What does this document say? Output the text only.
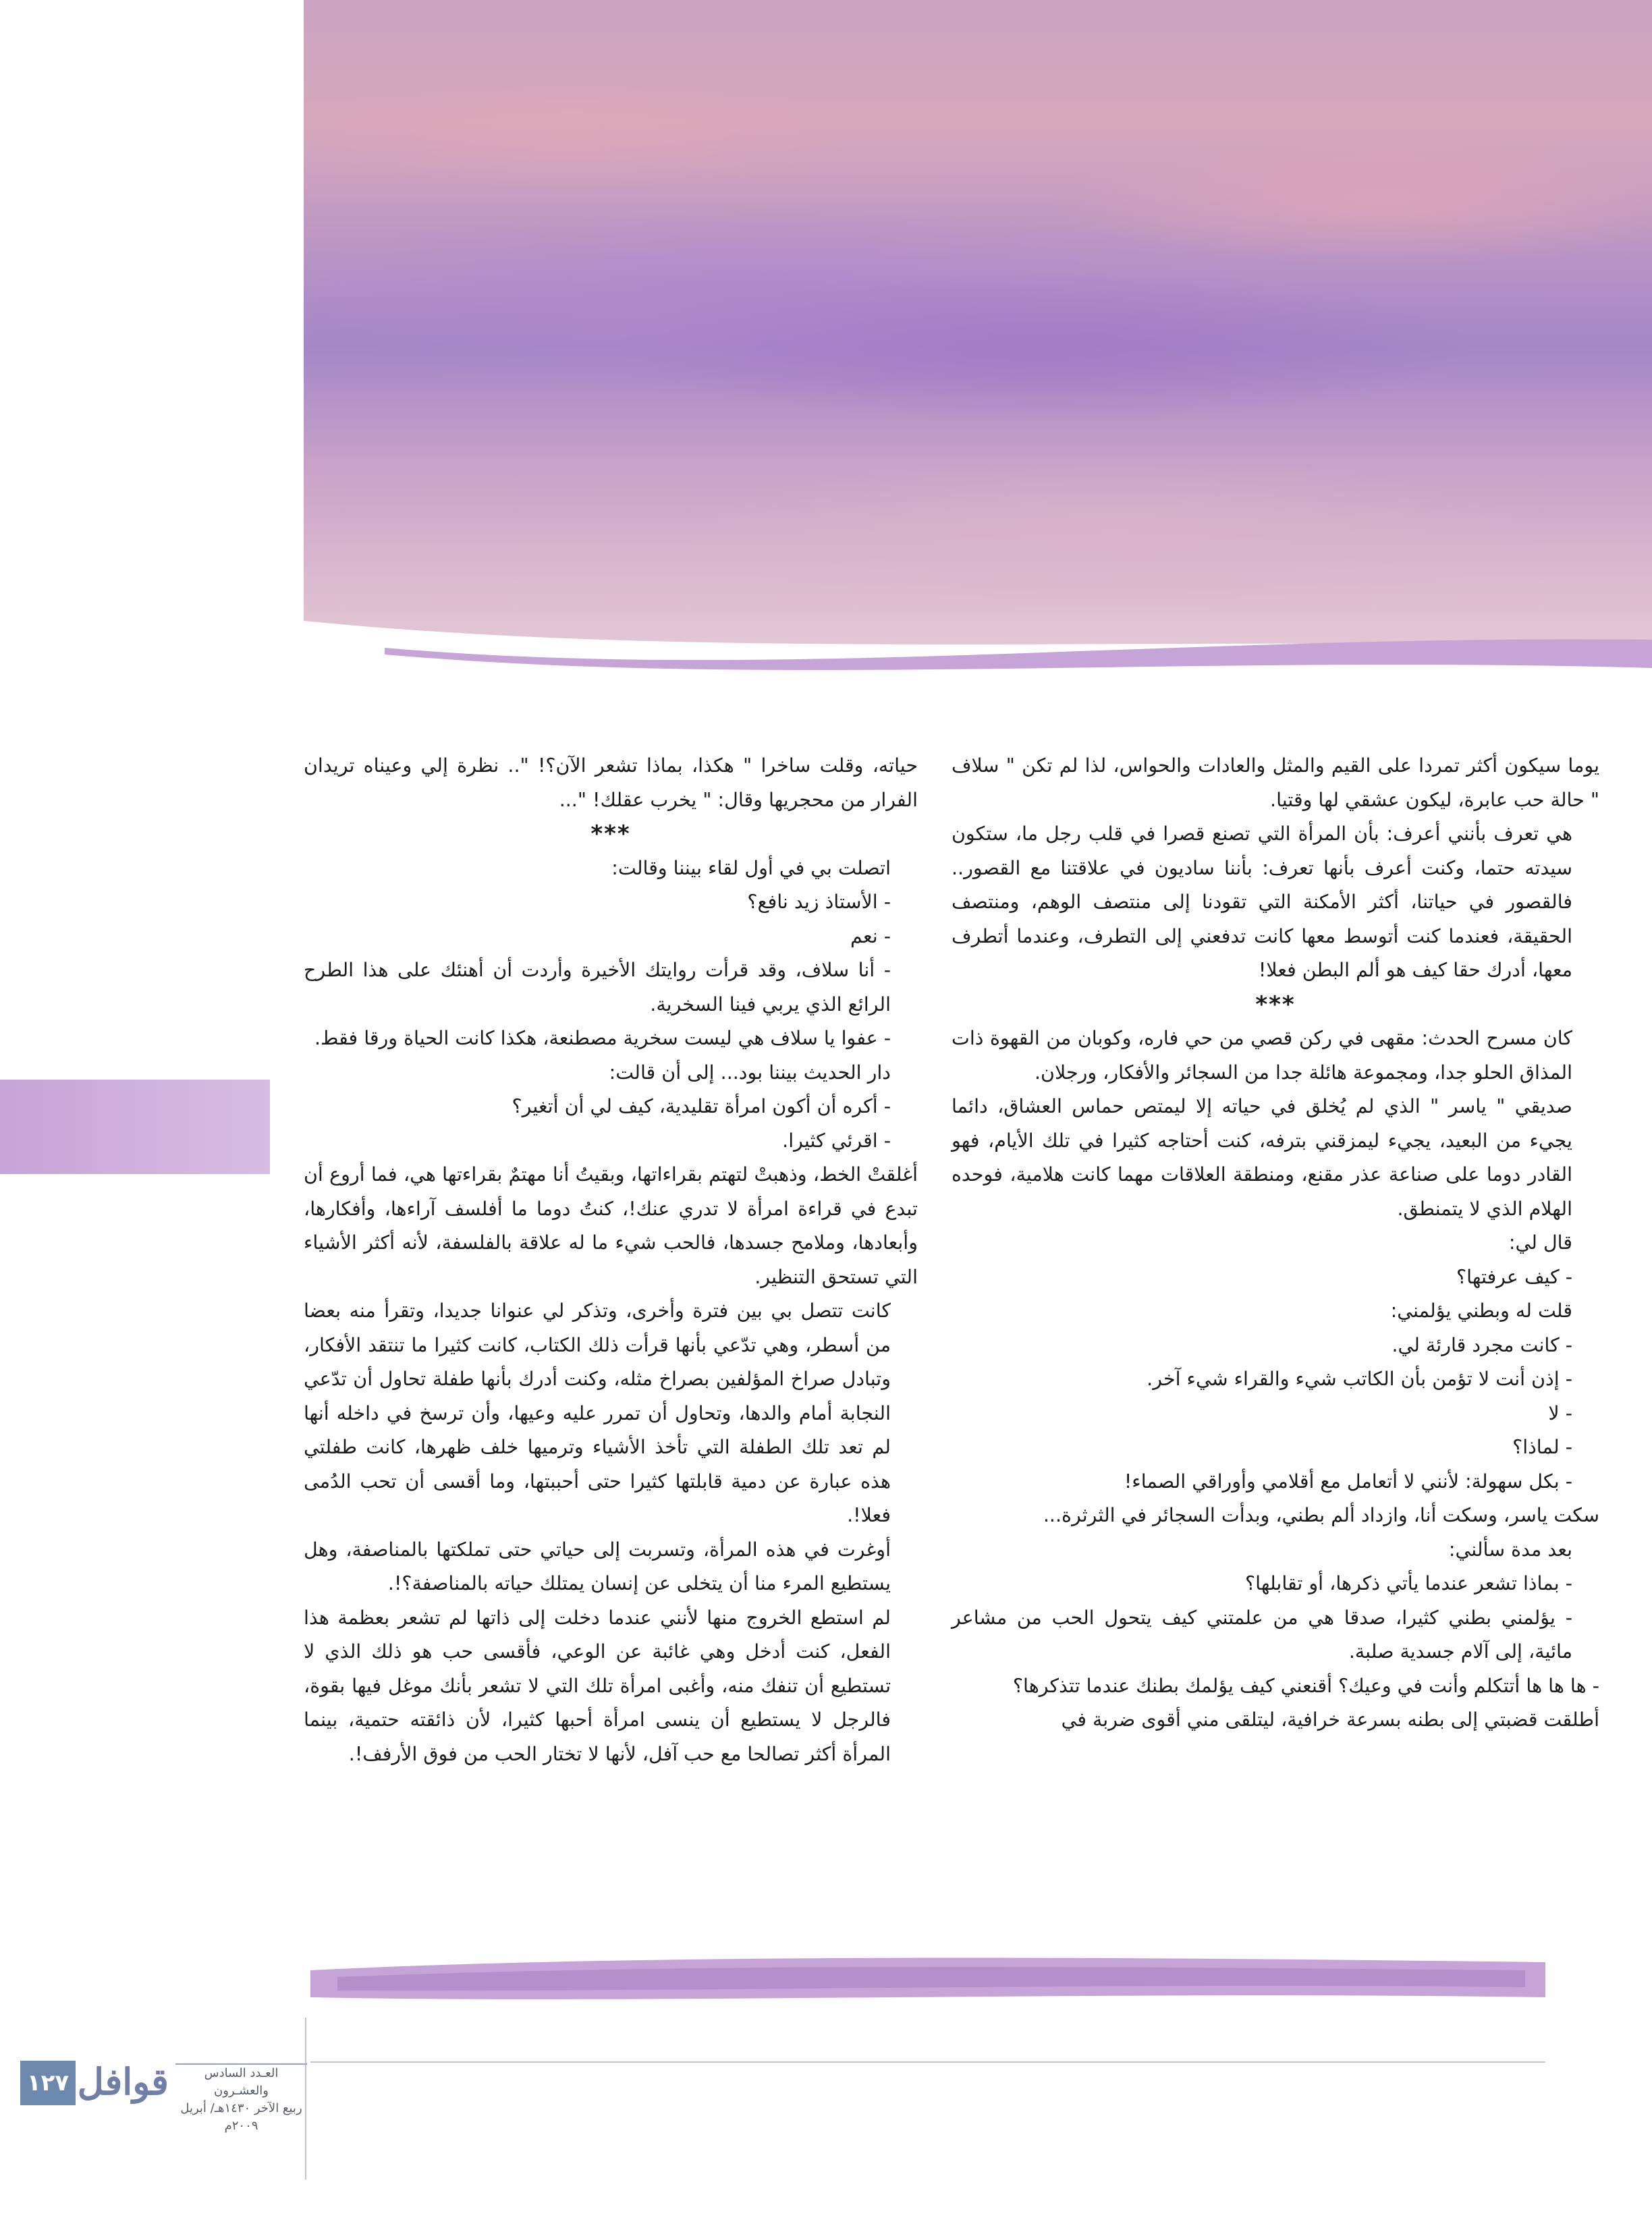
يوما سيكون أكثر تمردا على القيم والمثل والعادات والحواس، لذا لم تكن " سلاف " حالة حب عابرة، ليكون عشقي لها وقتيا.

هي تعرف بأنني أعرف: بأن المرأة التي تصنع قصرا في قلب رجل ما، ستكون سيدته حتما، وكنت أعرف بأنها تعرف: بأننا ساديون في علاقتنا مع القصور.. فالقصور في حياتنا، أكثر الأمكنة التي تقودنا إلى منتصف الوهم، ومنتصف الحقيقة، فعندما كنت أتوسط معها كانت تدفعني إلى التطرف، وعندما أتطرف معها، أدرك حقا كيف هو ألم البطن فعلا!

***

كان مسرح الحدث: مقهى في ركن قصي من حي فاره، وكوبان من القهوة ذات المذاق الحلو جدا، ومجموعة هائلة جدا من السجائر والأفكار، ورجلان.

صديقي " ياسر " الذي لم يُخلق في حياته إلا ليمتص حماس العشاق، دائما يجيء من البعيد، يجيء ليمزقني بترفه، كنت أحتاجه كثيرا في تلك الأيام، فهو القادر دوما على صناعة عذر مقنع، ومنطقة العلاقات مهما كانت هلامية، فوحده الهلام الذي لا يتمنطق.

قال لي:

- كيف عرفتها؟

قلت له وبطني يؤلمني:

- كانت مجرد قارئة لي.

- إذن أنت لا تؤمن بأن الكاتب شيء والقراء شيء آخر.

- لا

- لماذا؟

- بكل سهولة: لأنني لا أتعامل مع أقلامي وأوراقي الصماء!

سكت ياسر، وسكت أنا، وازداد ألم بطني، وبدأت السجائر في الثرثرة...

بعد مدة سألني:

- بماذا تشعر عندما يأتي ذكرها، أو تقابلها؟

- يؤلمني بطني كثيرا، صدقا هي من علمتني كيف يتحول الحب من مشاعر مائية، إلى آلام جسدية صلبة.

- ها ها ها أتتكلم وأنت في وعيك؟ أقنعني كيف يؤلمك بطنك عندما تتذكرها؟

أطلقت قضبتي إلى بطنه بسرعة خرافية، ليتلقى مني أقوى ضربة في

حياته، وقلت ساخرا " هكذا، بماذا تشعر الآن؟! ".. نظرة إلي وعيناه تريدان الفرار من محجريها وقال: " يخرب عقلك! "...

***

اتصلت بي في أول لقاء بيننا وقالت:

- الأستاذ زيد نافع؟

- نعم

- أنا سلاف، وقد قرأت روايتك الأخيرة وأردت أن أهنئك على هذا الطرح الرائع الذي يربي فينا السخرية.

- عفوا يا سلاف هي ليست سخرية مصطنعة، هكذا كانت الحياة ورقا فقط.

دار الحديث بيننا بود... إلى أن قالت:

- أكره أن أكون امرأة تقليدية، كيف لي أن أتغير؟

- اقرئي كثيرا.

أغلقتْ الخط، وذهبتْ لتهتم بقراءاتها، وبقيتُ أنا مهتمٌ بقراءتها هي، فما أروع أن تبدع في قراءة امرأة لا تدري عنك!، كنتُ دوما ما أفلسف آراءها، وأفكارها، وأبعادها، وملامح جسدها، فالحب شيء ما له علاقة بالفلسفة، لأنه أكثر الأشياء التي تستحق التنظير.

كانت تتصل بي بين فترة وأخرى، وتذكر لي عنوانا جديدا، وتقرأ منه بعضا من أسطر، وهي تدّعي بأنها قرأت ذلك الكتاب، كانت كثيرا ما تنتقد الأفكار، وتبادل صراخ المؤلفين بصراخ مثله، وكنت أدرك بأنها طفلة تحاول أن تدّعي النجابة أمام والدها، وتحاول أن تمرر عليه وعيها، وأن ترسخ في داخله أنها لم تعد تلك الطفلة التي تأخذ الأشياء وترميها خلف ظهرها، كانت طفلتي هذه عبارة عن دمية قابلتها كثيرا حتى أحببتها، وما أقسى أن تحب الدُمى فعلا!.

أوغرت في هذه المرأة، وتسربت إلى حياتي حتى تملكتها بالمناصفة، وهل يستطيع المرء منا أن يتخلى عن إنسان يمتلك حياته بالمناصفة؟!.

لم استطع الخروج منها لأنني عندما دخلت إلى ذاتها لم تشعر بعظمة هذا الفعل، كنت أدخل وهي غائبة عن الوعي، فأقسى حب هو ذلك الذي لا تستطيع أن تنفك منه، وأغبى امرأة تلك التي لا تشعر بأنك موغل فيها بقوة، فالرجل لا يستطيع أن ينسى امرأة أحبها كثيرا، لأن ذائقته حتمية، بينما المرأة أكثر تصالحا مع حب آفل، لأنها لا تختار الحب من فوق الأرفف!.

١٢٧ قوافل	العـدد السادس والعشـرون
ربيع الآخر ١٤٣٠هـ/ أبريل ٢٠٠٩م
